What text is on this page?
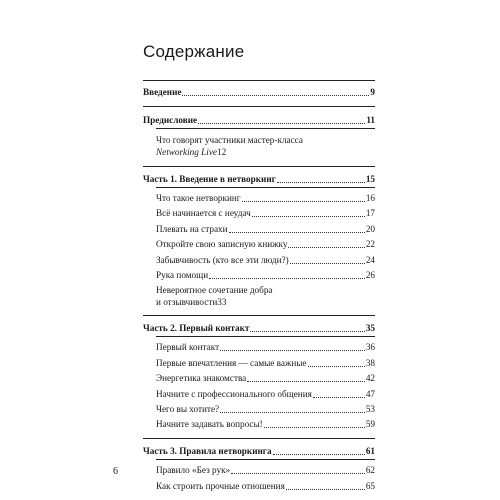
Содержание
Введение	9
Предисловие	11
Что говорят участники мастер-класса
Networking Live 12
Часть 1. Введение в нетворкинг	15
Что такое нетворкинг	16
Всё начинается с неудач	17
Плевать на страхи	20
Откройте свою записную книжку	22
Забывчивость (кто все эти люди?)	24
Рука помощи	26
Невероятное сочетание добра
и отзывчивости 33
Часть 2. Первый контакт	35
Первый контакт	36
Первые впечатления — самые важные	38
Энергетика знакомства	42
Начните с профессионального общения	47
Чего вы хотите?	53
Начните задавать вопросы!	59
Часть 3. Правила нетворкинга	61
Правило «Без рук»	62
Как строить прочные отношения	65
6
